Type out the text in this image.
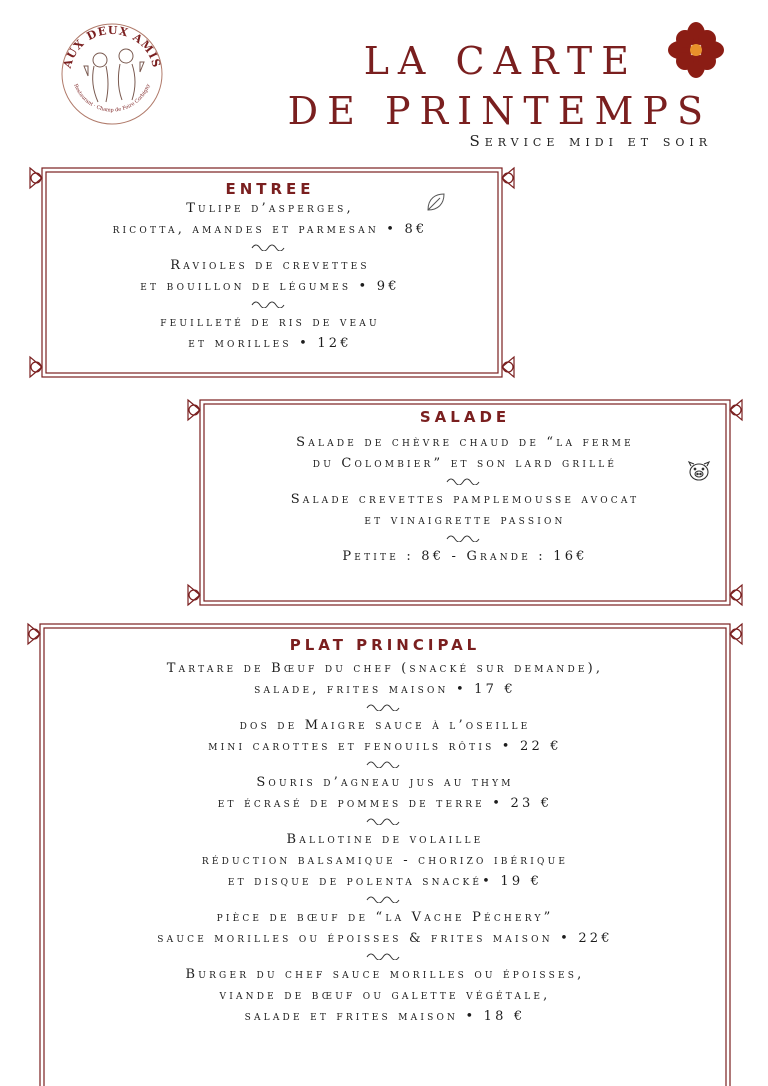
AUX DEUX AMIS
Restaurant · Champ de Foire Corbigny
LA CARTE
DE PRINTEMPS
Service midi et soir
ENTREE
Tulipe d’asperges,
ricotta, amandes et parmesan • 8€
Ravioles de crevettes
et bouillon de légumes • 9€
feuilleté de ris de veau
et morilles • 12€
SALADE
Salade de chèvre chaud de “la ferme
du Colombier” et son lard grillé
Salade crevettes pamplemousse avocat
et vinaigrette passion
Petite : 8€ - Grande : 16€
PLAT PRINCIPAL
Tartare de Bœuf du chef (snacké sur demande),
salade, frites maison • 17 €
dos de Maigre sauce à l’oseille
mini carottes et fenouils rôtis • 22 €
Souris d’agneau jus au thym
et écrasé de pommes de terre • 23 €
Ballotine de volaille
réduction balsamique - chorizo ibérique
et disque de polenta snacké• 19 €
pièce de bœuf de “la Vache Péchery”
sauce morilles ou époisses & frites maison • 22€
Burger du chef sauce morilles ou époisses,
viande de bœuf ou galette végétale,
salade et frites maison • 18 €
